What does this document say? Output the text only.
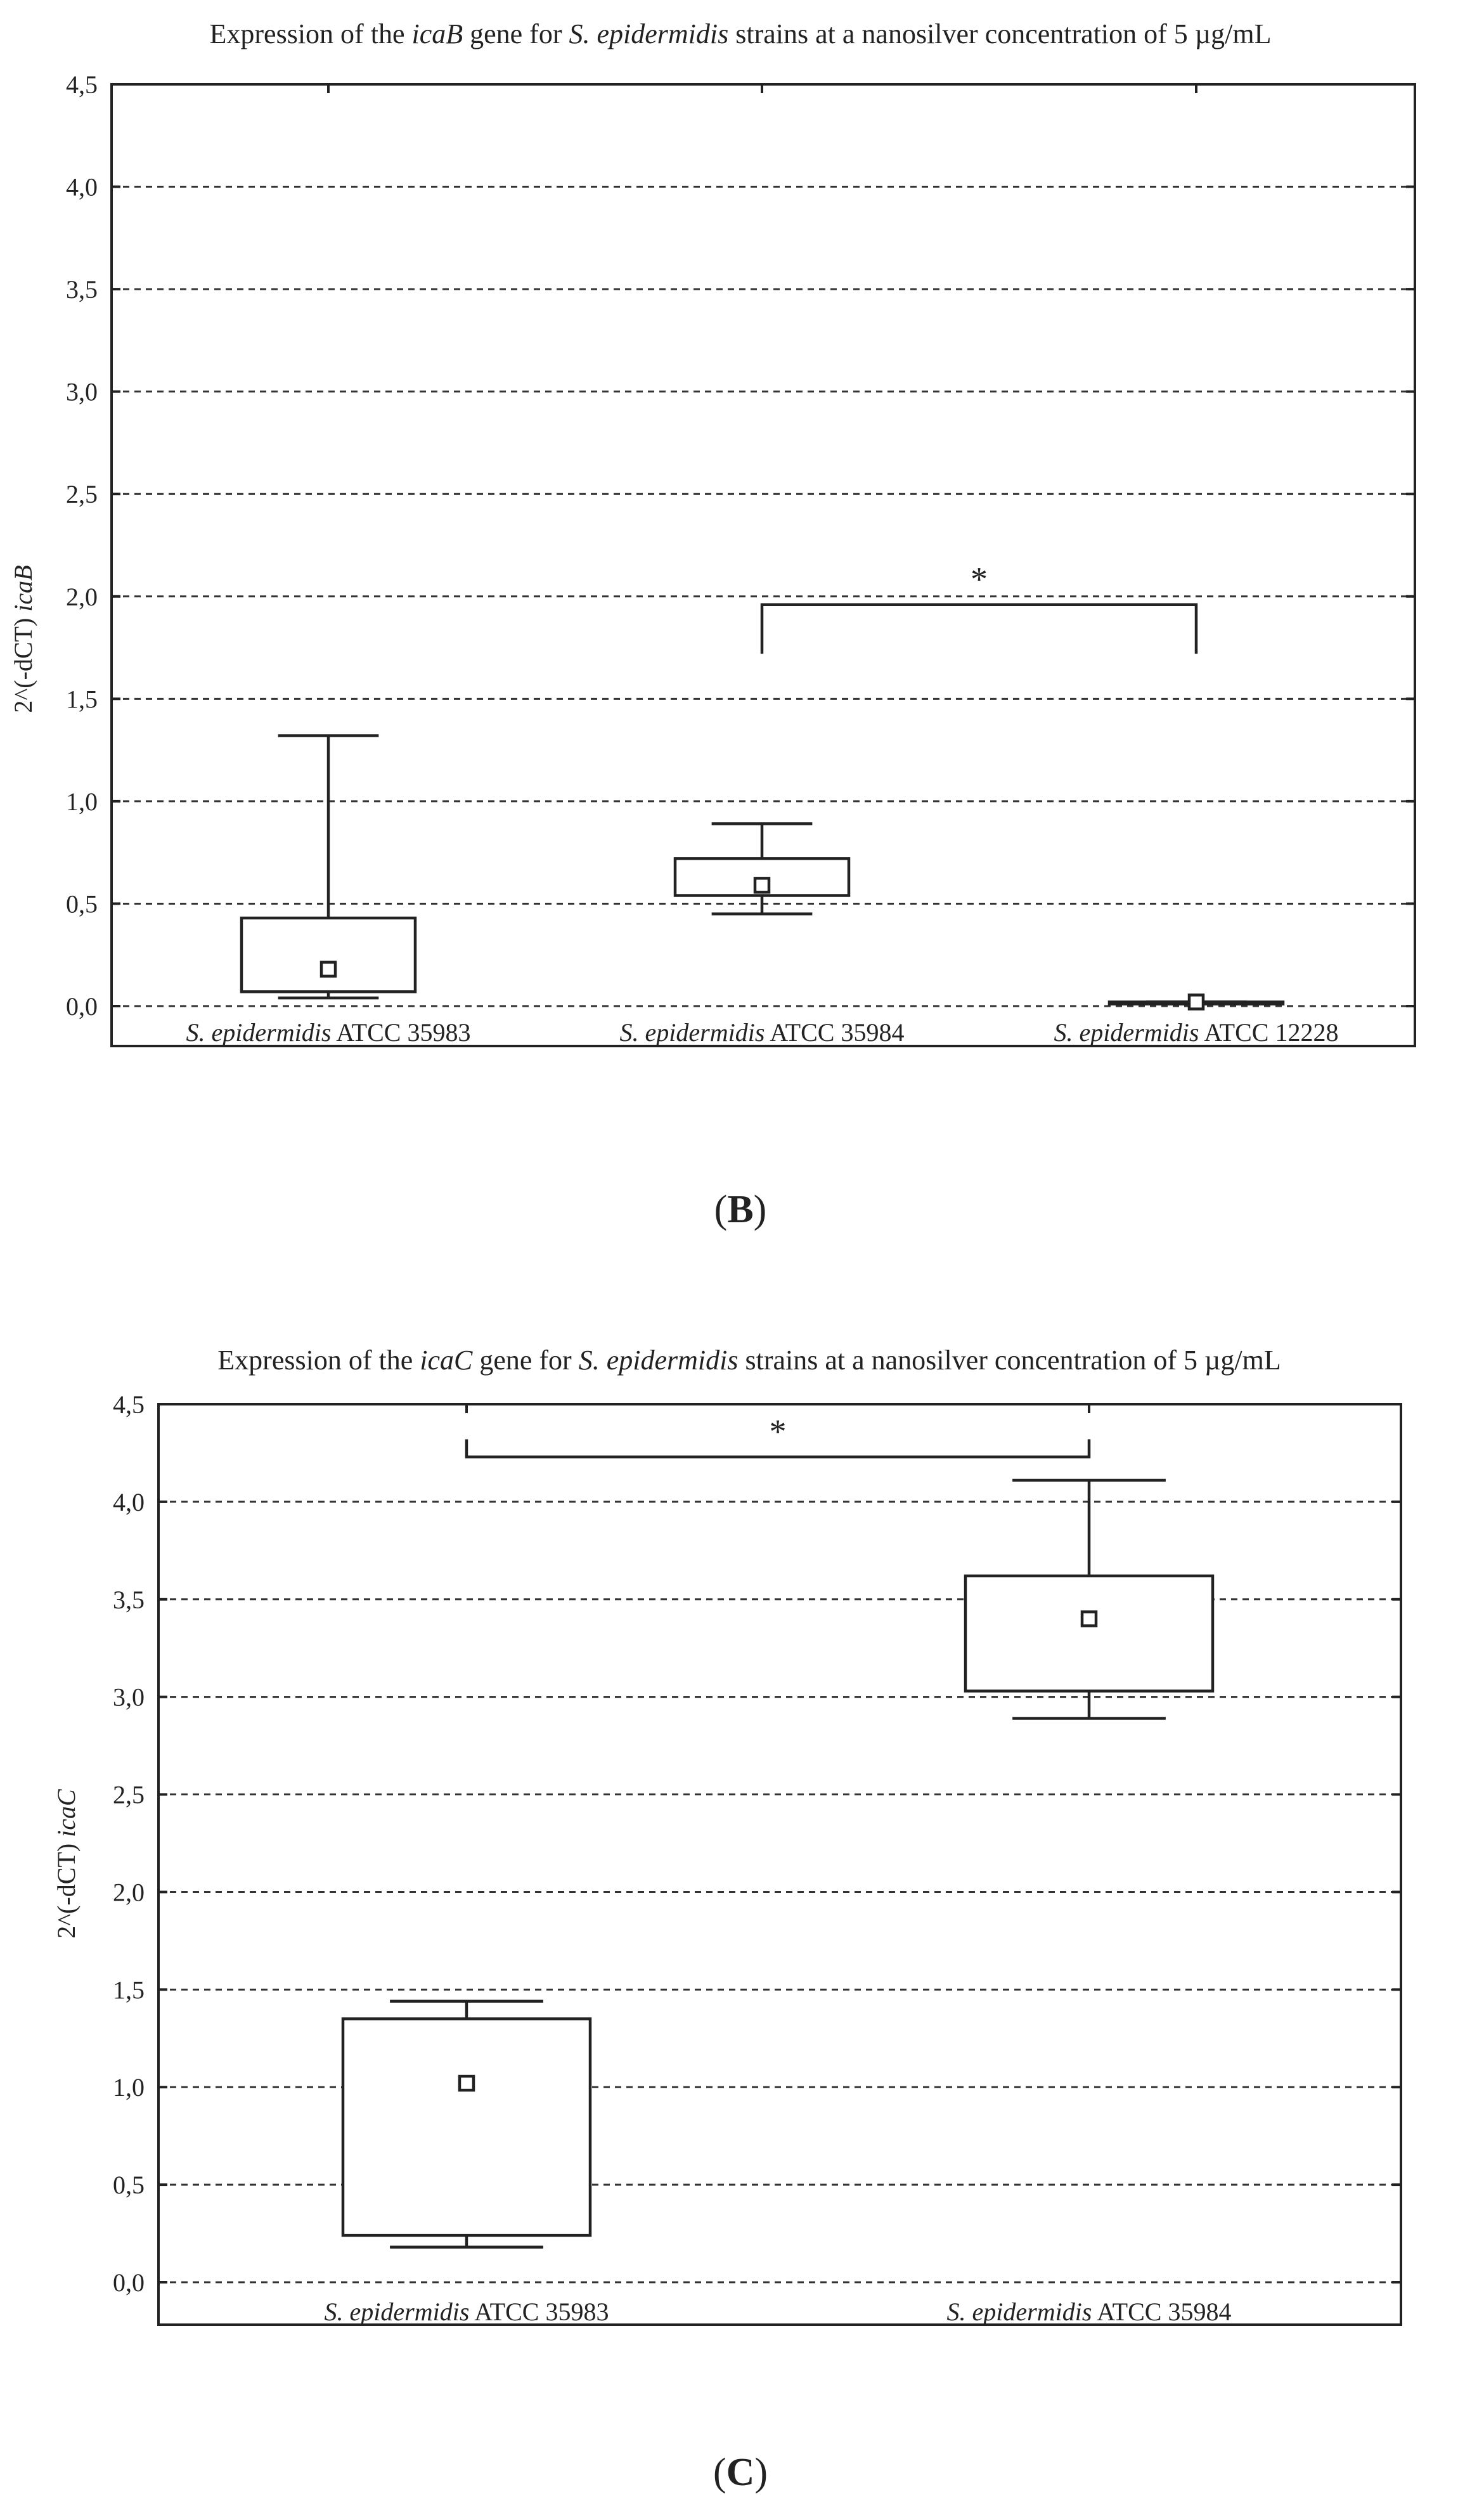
Expression of the icaB gene for S. epidermidis strains at a nanosilver concentration of 5 µg/mL
0,0
0,5
1,0
1,5
2,0
2,5
3,0
3,5
4,0
4,5
2^(-dCT) icaB
S. epidermidis ATCC 35983	S. epidermidis ATCC 35984	S. epidermidis ATCC 12228
*
(B)
Expression of the icaC gene for S. epidermidis strains at a nanosilver concentration of 5 µg/mL
0,0
0,5
1,0
1,5
2,0
2,5
3,0
3,5
4,0
4,5
2^(-dCT) icaC
S. epidermidis ATCC 35983	S. epidermidis ATCC 35984
*
(C)
